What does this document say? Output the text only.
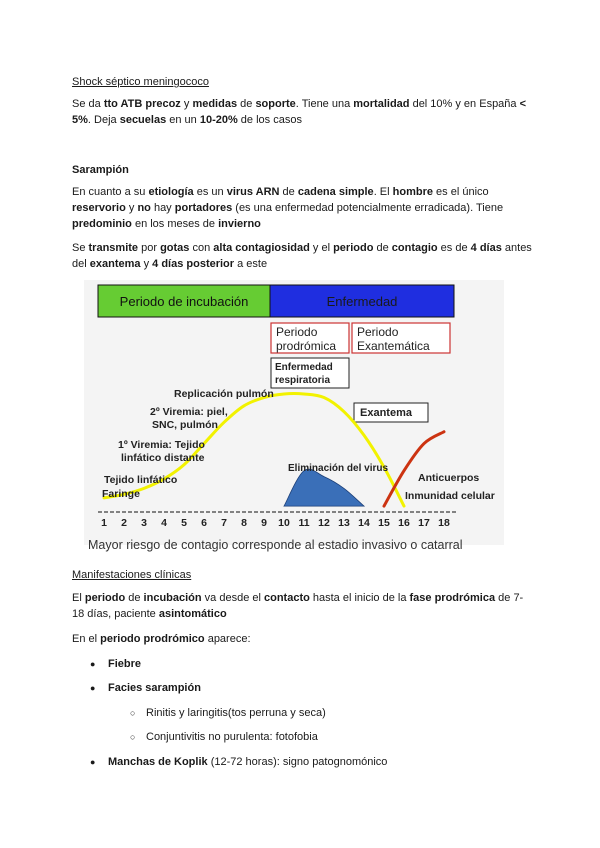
Shock séptico meningococo

Se da tto ATB precoz y medidas de soporte. Tiene una mortalidad del 10% y en España < 5%. Deja secuelas en un 10-20% de los casos

Sarampión

En cuanto a su etiología es un virus ARN de cadena simple. El hombre es el único reservorio y no hay portadores (es una enfermedad potencialmente erradicada). Tiene predominio en los meses de invierno

Se transmite por gotas con alta contagiosidad y el periodo de contagio es de 4 días antes del exantema y 4 días posterior a este

Periodo de incubación	Enfermedad
Periodo
prodrómica
Periodo
Exantemática
Enfermedad
respiratoria
Exantema
Replicación pulmón
2º Viremia: piel,
SNC, pulmón
1º Viremia: Tejido
linfático distante
Tejido linfático
Faringe
Eliminación del virus
Anticuerpos
Inmunidad celular
1 2 3 4 5 6 7 8 9 10 11 12 13 14 15 16 17 18
Mayor riesgo de contagio corresponde al estadio invasivo o catarral

Manifestaciones clínicas

El periodo de incubación va desde el contacto hasta el inicio de la fase prodrómica de 7-18 días, paciente asintomático

En el periodo prodrómico aparece:

● Fiebre
● Facies sarampión
○ Rinitis y laringitis(tos perruna y seca)
○ Conjuntivitis no purulenta: fotofobia
● Manchas de Koplik (12-72 horas): signo patognomónico
